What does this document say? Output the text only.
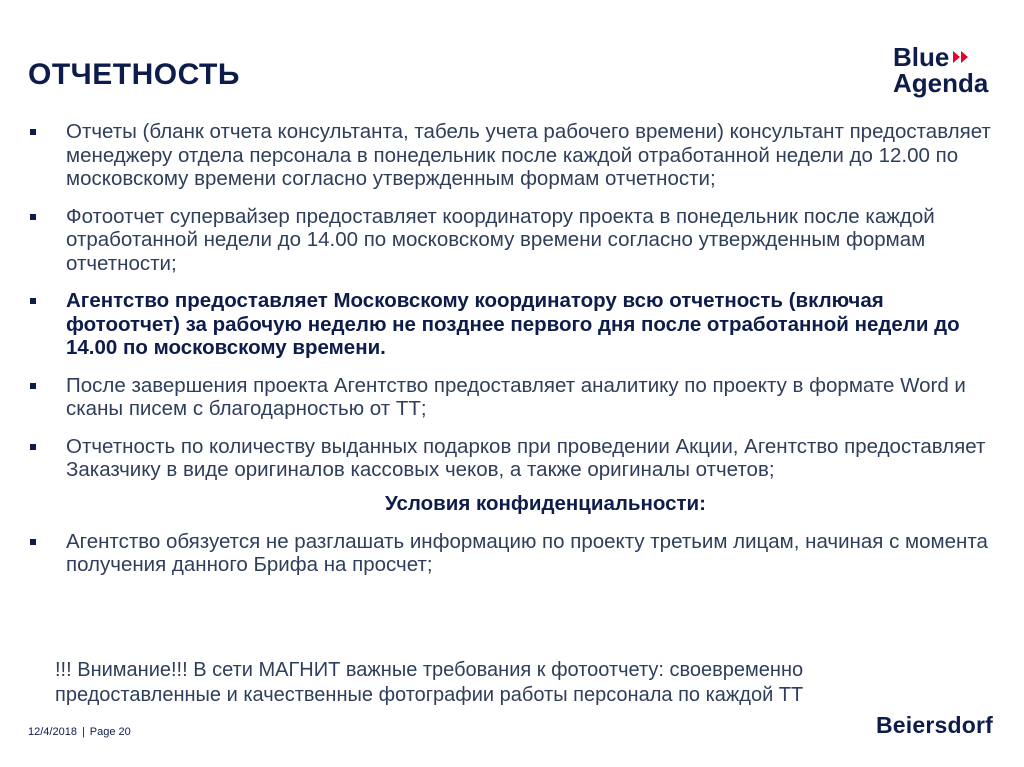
ОТЧЕТНОСТЬ
Blue
Agenda
Отчеты (бланк отчета консультанта, табель учета рабочего времени) консультант предоставляет менеджеру отдела персонала в понедельник после каждой отработанной недели до 12.00 по московскому времени согласно утвержденным формам отчетности;
Фотоотчет супервайзер предоставляет координатору проекта в понедельник после каждой отработанной недели до 14.00 по московскому времени согласно утвержденным формам отчетности;
Агентство предоставляет Московскому координатору всю отчетность (включая фотоотчет) за рабочую неделю не позднее первого дня после отработанной недели до 14.00 по московскому времени.
После завершения проекта Агентство предоставляет аналитику по проекту в формате Word и сканы писем с благодарностью от ТТ;
Отчетность по количеству выданных подарков при проведении Акции, Агентство предоставляет Заказчику в виде оригиналов кассовых чеков, а также оригиналы отчетов;
Условия конфиденциальности:
Агентство обязуется не разглашать информацию по проекту третьим лицам, начиная с момента получения данного Брифа на просчет;
!!! Внимание!!! В сети МАГНИТ важные требования к фотоотчету: своевременно
предоставленные и качественные фотографии работы персонала по каждой ТТ
12/4/2018 | Page 20	Beiersdorf
